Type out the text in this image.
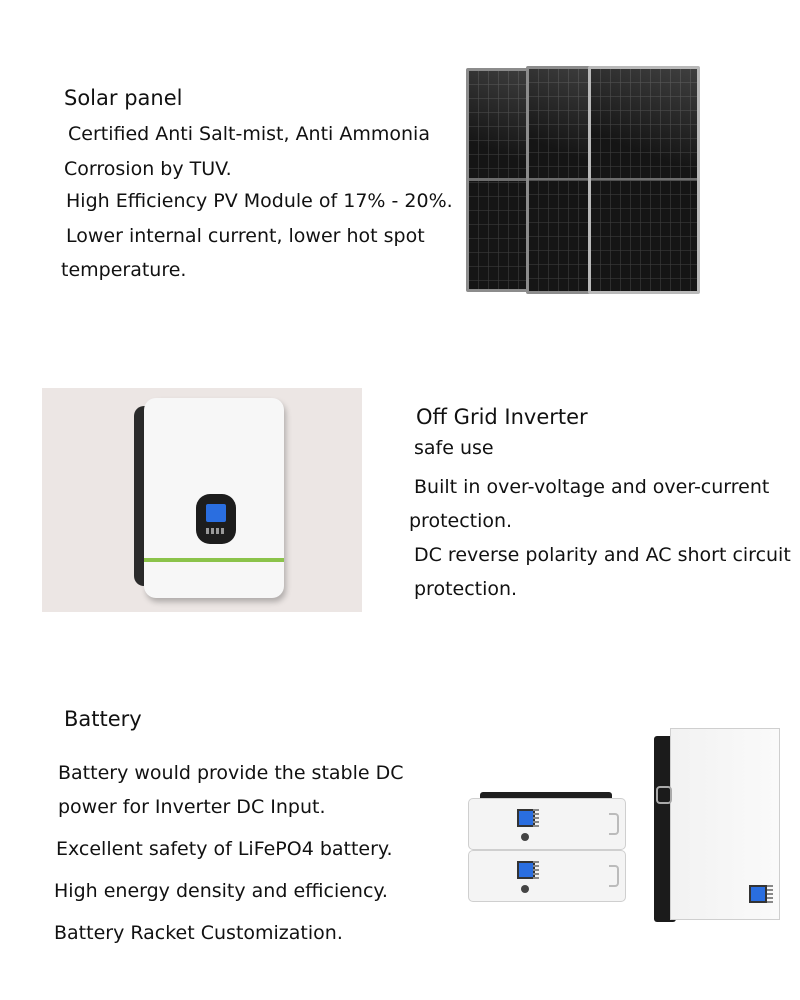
Solar panel
Certified Anti Salt-mist, Anti Ammonia
Corrosion by TUV.
High Efficiency PV Module of 17% - 20%.
Lower internal current, lower hot spot
temperature.
Off Grid Inverter
safe use
Built in over-voltage and over-current
protection.
DC reverse polarity and AC short circuit
protection.
Battery
Battery would provide the stable DC
power for Inverter DC Input.
Excellent safety of LiFePO4 battery.
High energy density and efficiency.
Battery Racket Customization.
